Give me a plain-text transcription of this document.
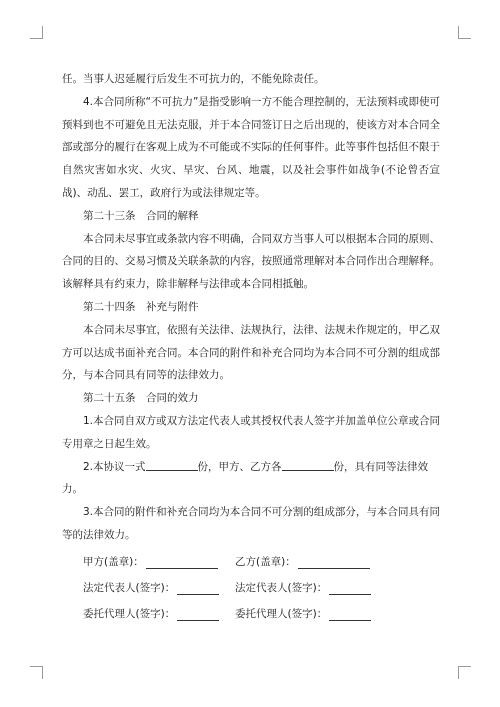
任。当事人迟延履行后发生不可抗力的，不能免除责任。

4.本合同所称“不可抗力”是指受影响一方不能合理控制的，无法预料或即使可预料到也不可避免且无法克服，并于本合同签订日之后出现的，使该方对本合同全部或部分的履行在客观上成为不可能或不实际的任何事件。此等事件包括但不限于自然灾害如水灾、火灾、旱灾、台风、地震，以及社会事件如战争(不论曾否宣战)、动乱、罢工，政府行为或法律规定等。

第二十三条　合同的解释

本合同未尽事宜或条款内容不明确，合同双方当事人可以根据本合同的原则、合同的目的、交易习惯及关联条款的内容，按照通常理解对本合同作出合理解释。该解释具有约束力，除非解释与法律或本合同相抵触。

第二十四条　补充与附件

本合同未尽事宜，依照有关法律、法规执行，法律、法规未作规定的，甲乙双方可以达成书面补充合同。本合同的附件和补充合同均为本合同不可分割的组成部分，与本合同具有同等的法律效力。

第二十五条　合同的效力

1.本合同自双方或双方法定代表人或其授权代表人签字并加盖单位公章或合同专用章之日起生效。

2.本协议一式	份，甲方、乙方各	份，具有同等法律效力。

3.本合同的附件和补充合同均为本合同不可分割的组成部分，与本合同具有同等的法律效力。

甲方(盖章)：	乙方(盖章)：
法定代表人(签字)：	法定代表人(签字)：
委托代理人(签字)：	委托代理人(签字)：
